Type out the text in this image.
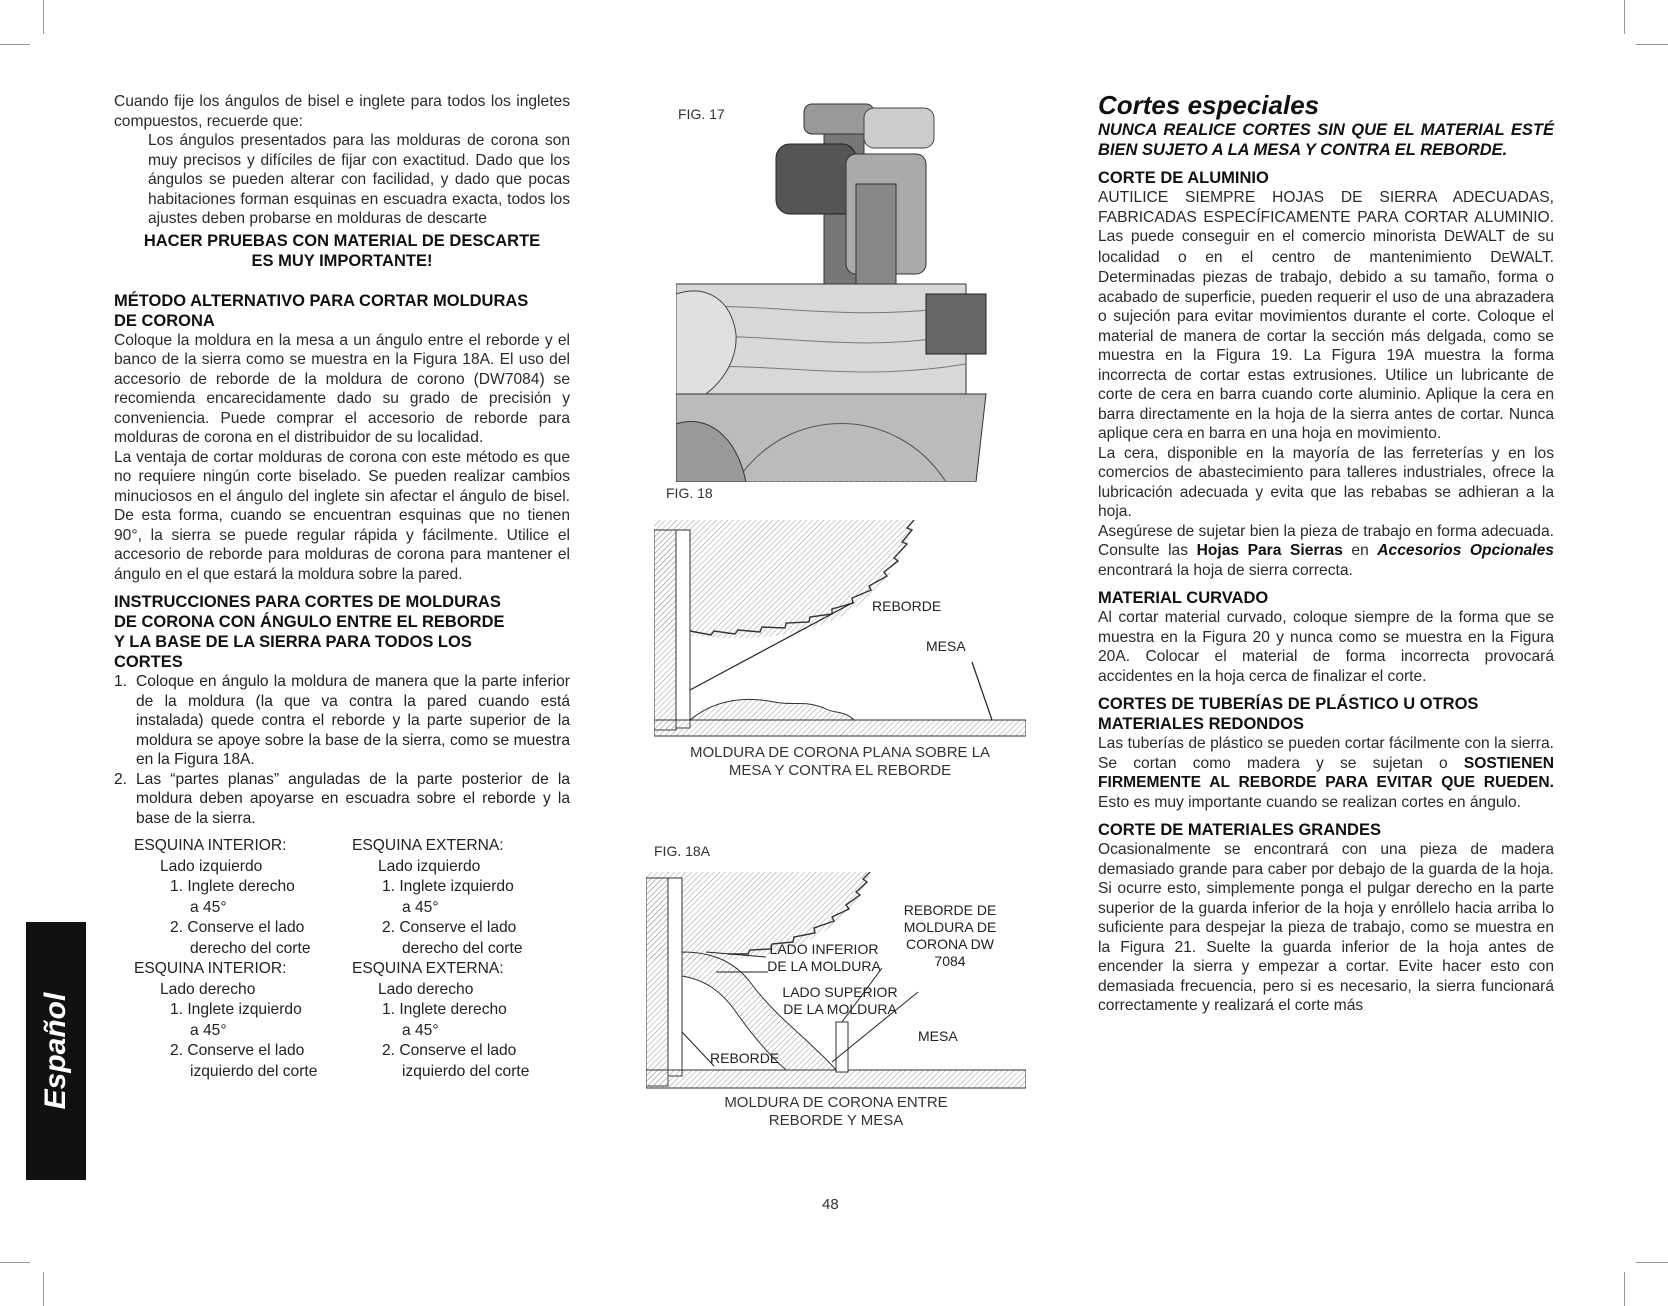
Cuando fije los ángulos de bisel e inglete para todos los ingletes compuestos, recuerde que:

Los ángulos presentados para las molduras de corona son muy precisos y difíciles de fijar con exactitud. Dado que los ángulos se pueden alterar con facilidad, y dado que pocas habitaciones forman esquinas en escuadra exacta, todos los ajustes deben probarse en molduras de descarte

HACER PRUEBAS CON MATERIAL DE DESCARTE

ES MUY IMPORTANTE!

MÉTODO ALTERNATIVO PARA CORTAR MOLDURAS

DE CORONA

Coloque la moldura en la mesa a un ángulo entre el reborde y el banco de la sierra como se muestra en la Figura 18A. El uso del accesorio de reborde de la moldura de corono (DW7084) se recomienda encarecidamente dado su grado de precisión y conveniencia. Puede comprar el accesorio de reborde para molduras de corona en el distribuidor de su localidad.

La ventaja de cortar molduras de corona con este método es que no requiere ningún corte biselado. Se pueden realizar cambios minuciosos en el ángulo del inglete sin afectar el ángulo de bisel. De esta forma, cuando se encuentran esquinas que no tienen 90°, la sierra se puede regular rápida y fácilmente. Utilice el accesorio de reborde para molduras de corona para mantener el ángulo en el que estará la moldura sobre la pared.

INSTRUCCIONES PARA CORTES DE MOLDURAS

DE CORONA CON ÁNGULO ENTRE EL REBORDE

Y LA BASE DE LA SIERRA PARA TODOS LOS

CORTES

1. Coloque en ángulo la moldura de manera que la parte inferior de la moldura (la que va contra la pared cuando está instalada) quede contra el reborde y la parte superior de la moldura se apoye sobre la base de la sierra, como se muestra en la Figura 18A.
2. Las “partes planas” anguladas de la parte posterior de la moldura deben apoyarse en escuadra sobre el reborde y la base de la sierra.
ESQUINA INTERIOR:
Lado izquierdo
1. Inglete derecho
a 45°
2. Conserve el lado
derecho del corte
ESQUINA INTERIOR:
Lado derecho
1. Inglete izquierdo
a 45°
2. Conserve el lado
izquierdo del corte
ESQUINA EXTERNA:
Lado izquierdo
1. Inglete izquierdo
a 45°
2. Conserve el lado
derecho del corte
ESQUINA EXTERNA:
Lado derecho
1. Inglete derecho
a 45°
2. Conserve el lado
izquierdo del corte
FIG. 17
FIG. 18
REBORDE
MESA
MOLDURA DE CORONA PLANA SOBRE LA
MESA Y CONTRA EL REBORDE
FIG. 18A
REBORDE DE
MOLDURA DE
CORONA DW
7084
LADO INFERIOR
DE LA MOLDURA
LADO SUPERIOR
DE LA MOLDURA
MESA
REBORDE
MOLDURA DE CORONA ENTRE
REBORDE Y MESA

Cortes especiales

NUNCA REALICE CORTES SIN QUE EL MATERIAL ESTÉ BIEN SUJETO A LA MESA Y CONTRA EL REBORDE.

CORTE DE ALUMINIO

AUTILICE SIEMPRE HOJAS DE SIERRA ADECUADAS, FABRICADAS ESPECÍFICAMENTE PARA CORTAR ALUMINIO. Las puede conseguir en el comercio minorista DEWALT de su localidad o en el centro de mantenimiento DEWALT. Determinadas piezas de trabajo, debido a su tamaño, forma o acabado de superficie, pueden requerir el uso de una abrazadera o sujeción para evitar movimientos durante el corte. Coloque el material de manera de cortar la sección más delgada, como se muestra en la Figura 19. La Figura 19A muestra la forma incorrecta de cortar estas extrusiones. Utilice un lubricante de corte de cera en barra cuando corte aluminio. Aplique la cera en barra directamente en la hoja de la sierra antes de cortar. Nunca aplique cera en barra en una hoja en movimiento.

La cera, disponible en la mayoría de las ferreterías y en los comercios de abastecimiento para talleres industriales, ofrece la lubricación adecuada y evita que las rebabas se adhieran a la hoja.

Asegúrese de sujetar bien la pieza de trabajo en forma adecuada.

Consulte las Hojas Para Sierras en Accesorios Opcionales encontrará la hoja de sierra correcta.

MATERIAL CURVADO

Al cortar material curvado, coloque siempre de la forma que se muestra en la Figura 20 y nunca como se muestra en la Figura 20A. Colocar el material de forma incorrecta provocará accidentes en la hoja cerca de finalizar el corte.

CORTES DE TUBERÍAS DE PLÁSTICO U OTROS MATERIALES REDONDOS

Las tuberías de plástico se pueden cortar fácilmente con la sierra. Se cortan como madera y se sujetan o SOSTIENEN FIRMEMENTE AL REBORDE PARA EVITAR QUE RUEDEN. Esto es muy importante cuando se realizan cortes en ángulo.

CORTE DE MATERIALES GRANDES

Ocasionalmente se encontrará con una pieza de madera demasiado grande para caber por debajo de la guarda de la hoja. Si ocurre esto, simplemente ponga el pulgar derecho en la parte superior de la guarda inferior de la hoja y enróllelo hacia arriba lo suficiente para despejar la pieza de trabajo, como se muestra en la Figura 21. Suelte la guarda inferior de la hoja antes de encender la sierra y empezar a cortar. Evite hacer esto con demasiada frecuencia, pero si es necesario, la sierra funcionará correctamente y realizará el corte más

Español
48
